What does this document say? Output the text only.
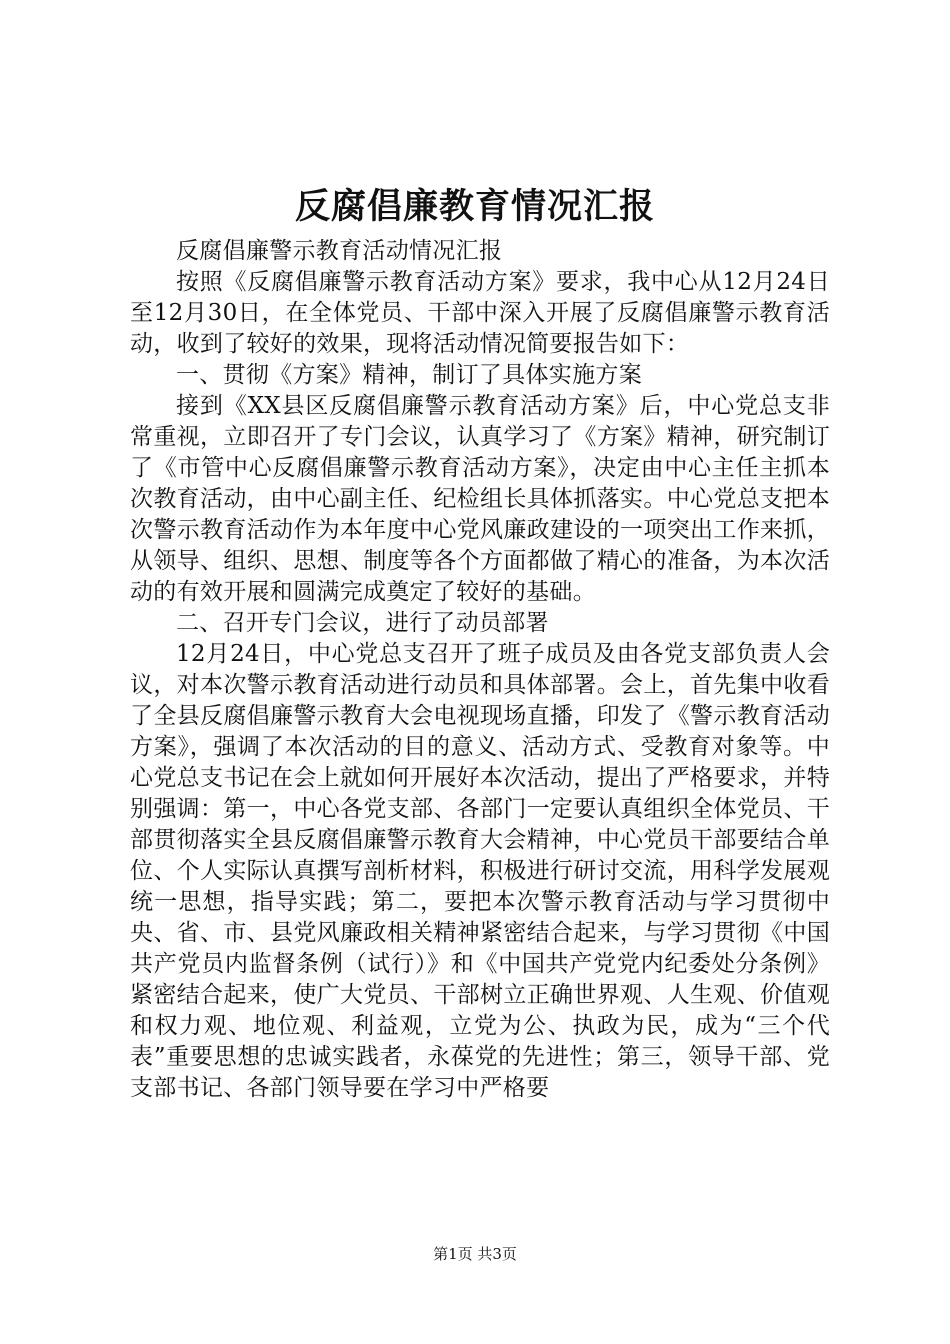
反腐倡廉教育情况汇报

反腐倡廉警示教育活动情况汇报

按照《反腐倡廉警示教育活动方案》要求，我中心从12月24日至12月30日，在全体党员、干部中深入开展了反腐倡廉警示教育活动，收到了较好的效果，现将活动情况简要报告如下：

一、贯彻《方案》精神，制订了具体实施方案

接到《XX县区反腐倡廉警示教育活动方案》后，中心党总支非常重视，立即召开了专门会议，认真学习了《方案》精神，研究制订了《市管中心反腐倡廉警示教育活动方案》，决定由中心主任主抓本次教育活动，由中心副主任、纪检组长具体抓落实。中心党总支把本次警示教育活动作为本年度中心党风廉政建设的一项突出工作来抓，从领导、组织、思想、制度等各个方面都做了精心的准备，为本次活动的有效开展和圆满完成奠定了较好的基础。

二、召开专门会议，进行了动员部署

12月24日，中心党总支召开了班子成员及由各党支部负责人会议，对本次警示教育活动进行动员和具体部署。会上，首先集中收看了全县反腐倡廉警示教育大会电视现场直播，印发了《警示教育活动方案》，强调了本次活动的目的意义、活动方式、受教育对象等。中心党总支书记在会上就如何开展好本次活动，提出了严格要求，并特别强调：第一，中心各党支部、各部门一定要认真组织全体党员、干部贯彻落实全县反腐倡廉警示教育大会精神，中心党员干部要结合单位、个人实际认真撰写剖析材料，积极进行研讨交流，用科学发展观统一思想，指导实践；第二，要把本次警示教育活动与学习贯彻中央、省、市、县党风廉政相关精神紧密结合起来，与学习贯彻《中国共产党员内监督条例（试行）》和《中国共产党党内纪委处分条例》紧密结合起来，使广大党员、干部树立正确世界观、人生观、价值观和权力观、地位观、利益观，立党为公、执政为民，成为“三个代表”重要思想的忠诚实践者，永葆党的先进性；第三，领导干部、党支部书记、各部门领导要在学习中严格要

第1页 共3页
